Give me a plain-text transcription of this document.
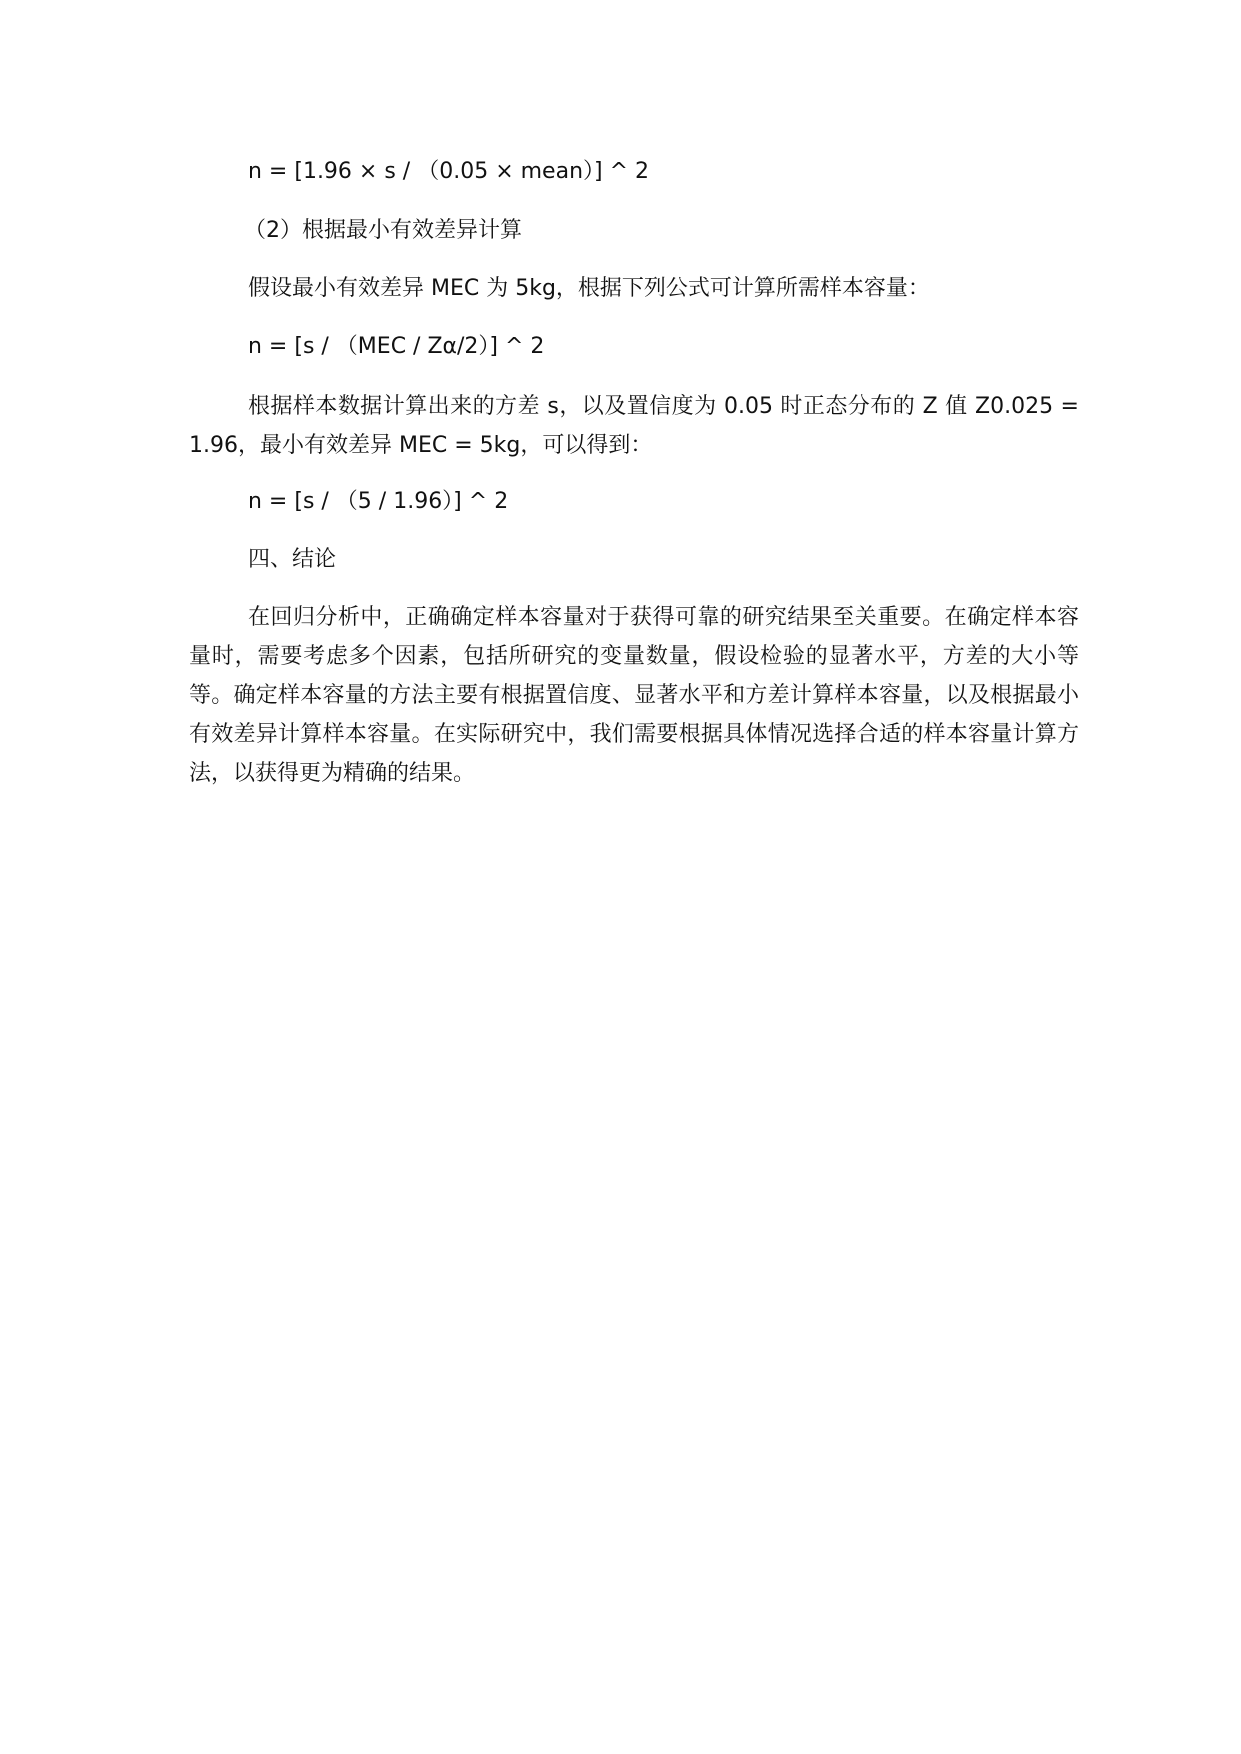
n = [1.96 × s / （0.05 × mean）] ^ 2
（2）根据最小有效差异计算
假设最小有效差异 MEC 为 5kg，根据下列公式可计算所需样本容量：
n = [s / （MEC / Zα/2）] ^ 2

根据样本数据计算出来的方差 s，以及置信度为 0.05 时正态分布的 Z 值 Z0.025 = 1.96，最小有效差异 MEC = 5kg，可以得到：

n = [s / （5 / 1.96）] ^ 2
四、结论

在回归分析中，正确确定样本容量对于获得可靠的研究结果至关重要。在确定样本容量时，需要考虑多个因素，包括所研究的变量数量，假设检验的显著水平，方差的大小等等。确定样本容量的方法主要有根据置信度、显著水平和方差计算样本容量，以及根据最小有效差异计算样本容量。在实际研究中，我们需要根据具体情况选择合适的样本容量计算方法，以获得更为精确的结果。
